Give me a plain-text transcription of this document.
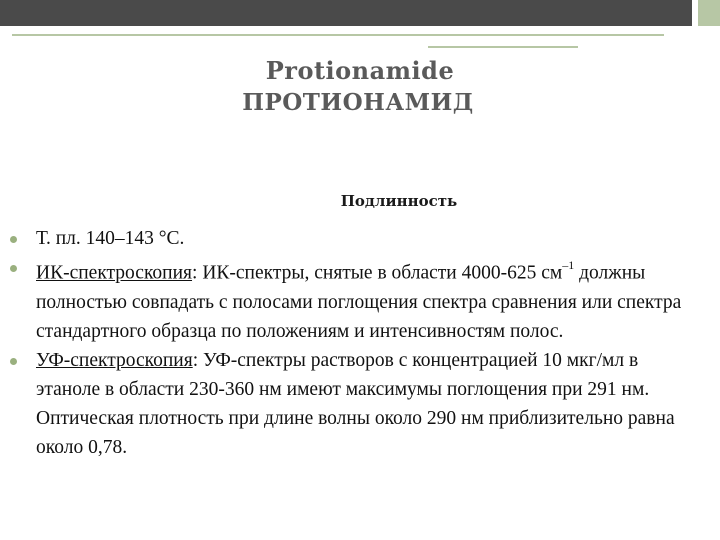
Protionamide
ПРОТИОНАМИД
Подлинность
Т. пл. 140–143 °С.
ИК-спектроскопия: ИК-спектры, снятые в области 4000-625 $см^{-1}$ должны полностью совпадать с полосами поглощения спектра сравнения или спектра стандартного образца по положениям и интенсивностям полос.
УФ-спектроскопия: УФ-спектры растворов с концентрацией 10 мкг/мл в этаноле в области 230-360 нм имеют максимумы поглощения при 291 нм. Оптическая плотность при длине волны около 290 нм приблизительно равна около 0,78.
